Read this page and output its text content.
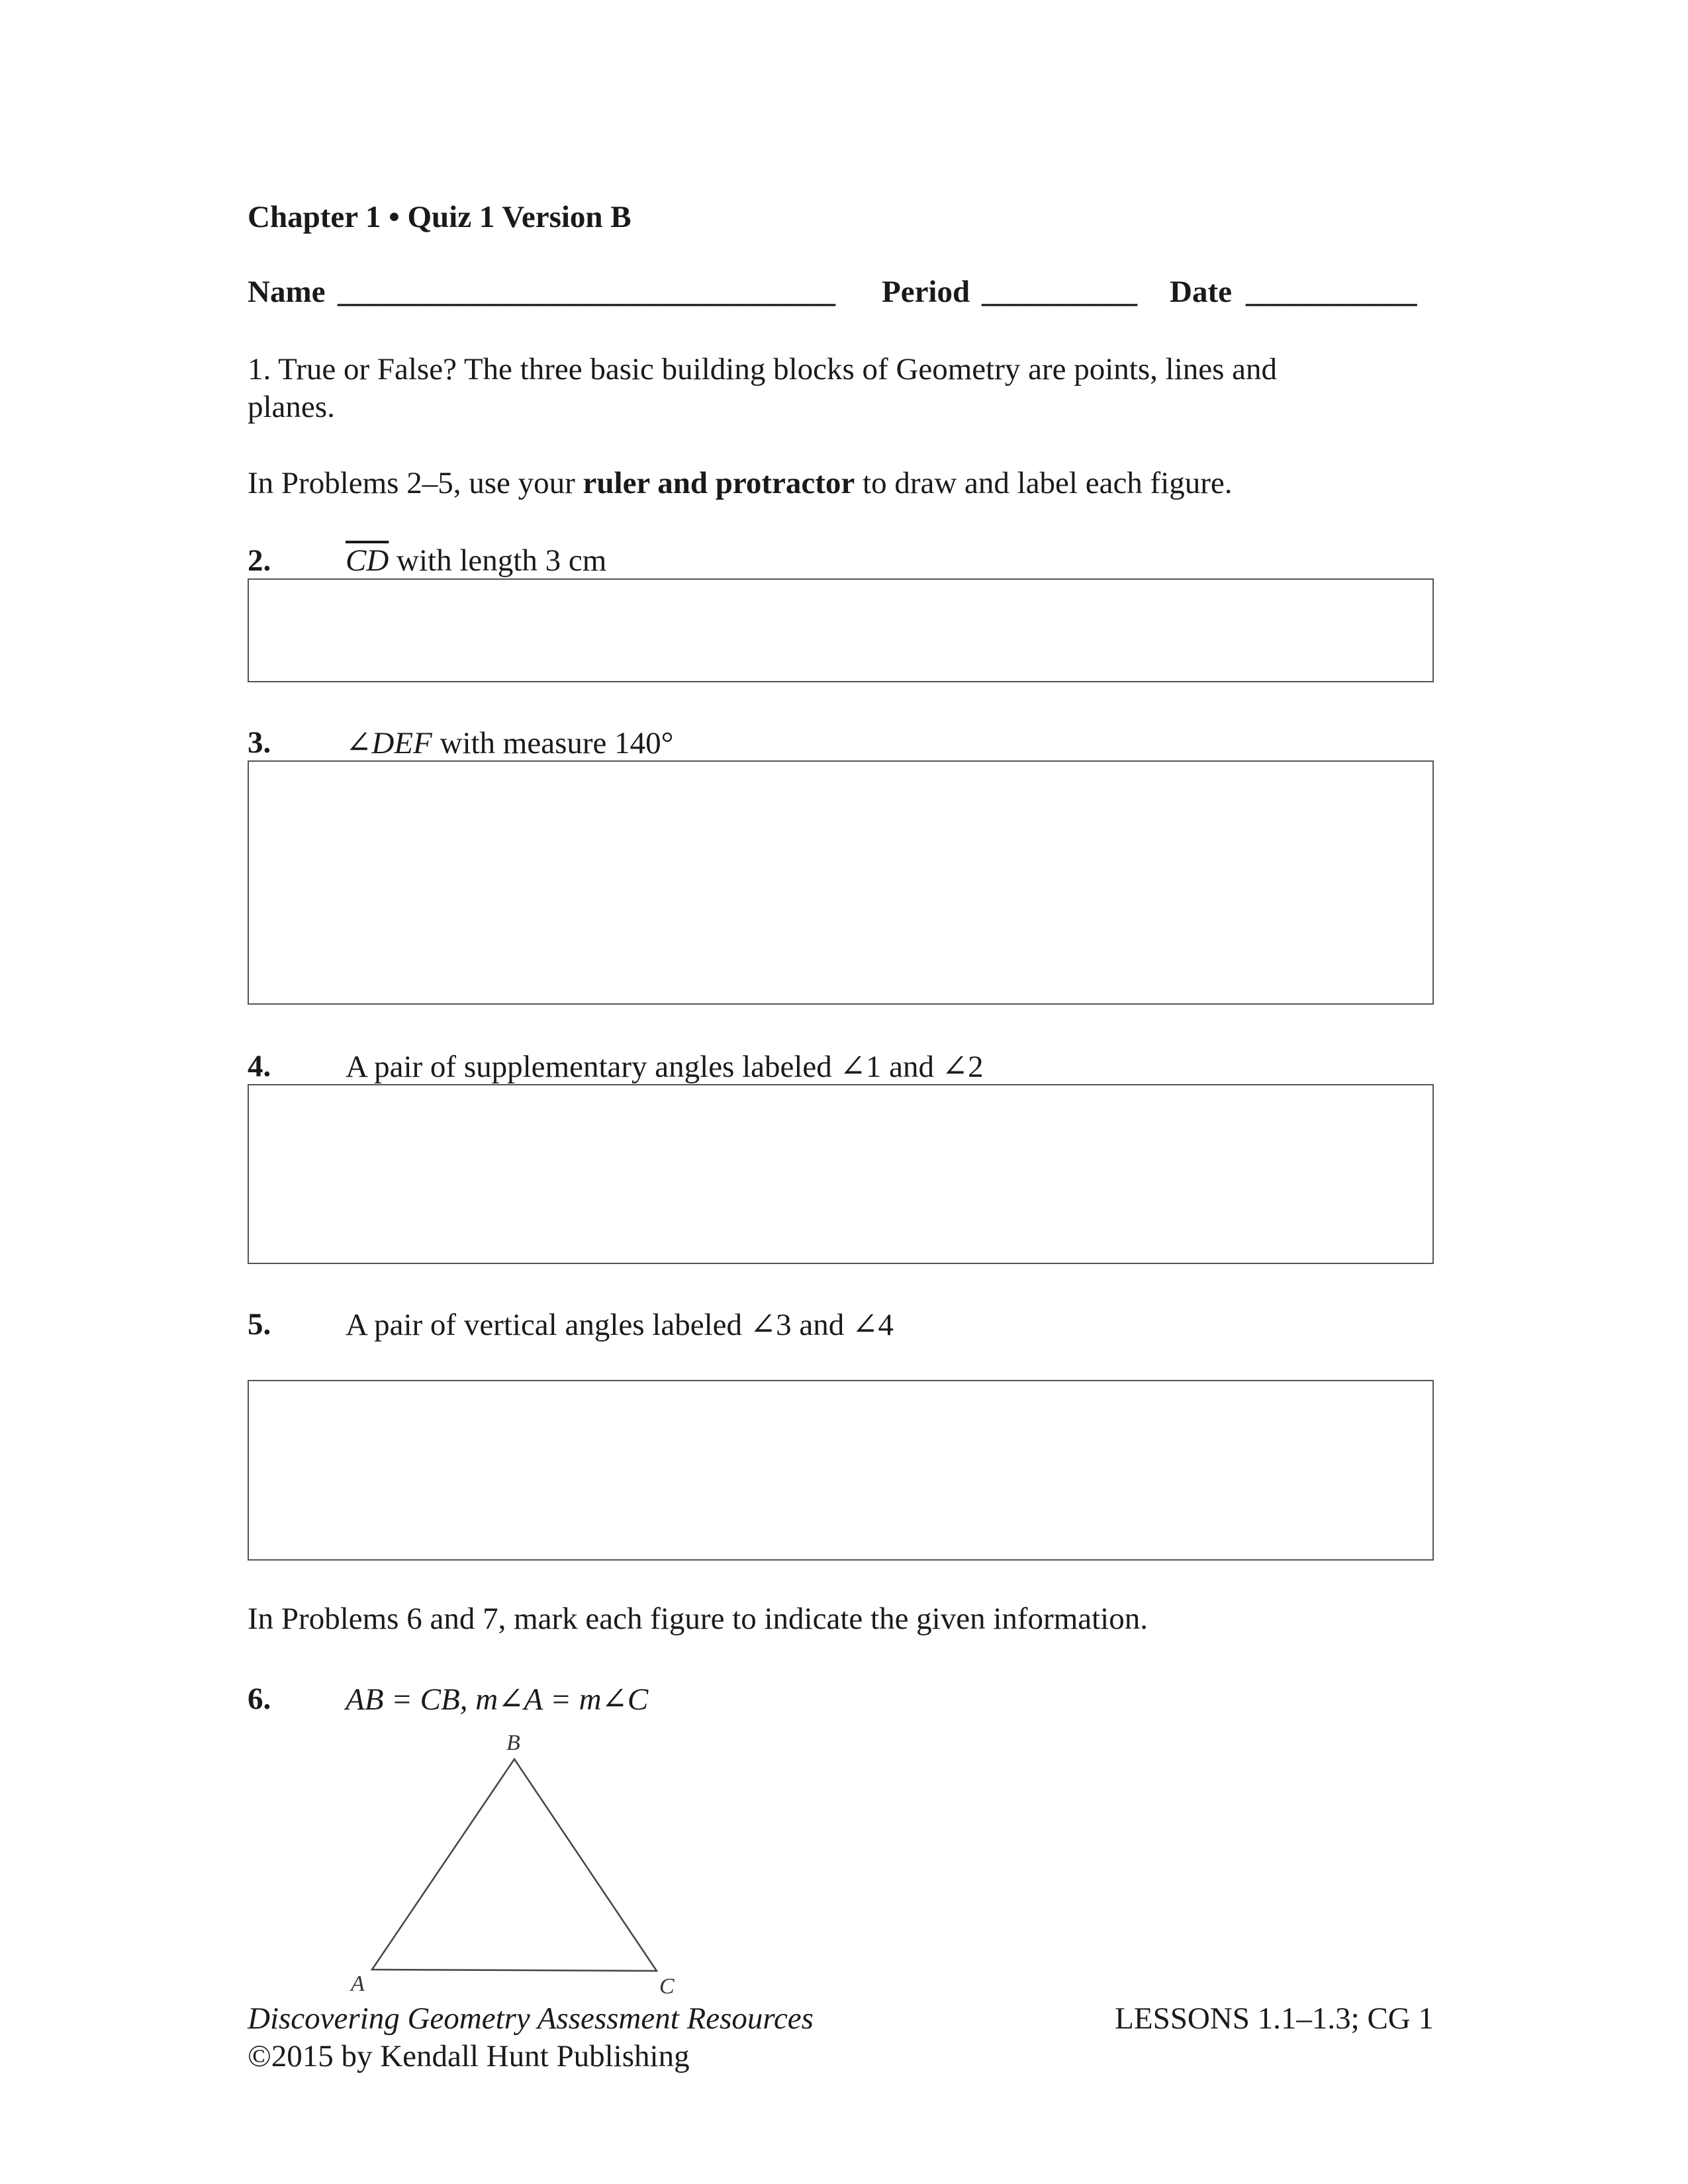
Chapter 1 • Quiz 1 Version B
Name ________________________________ Period __________ Date ___________
1. True or False? The three basic building blocks of Geometry are points, lines and
planes.
In Problems 2–5, use your ruler and protractor to draw and label each figure.
2. $\overline{CD}$ with length 3 cm
3. ∠DEF with measure 140°
4. A pair of supplementary angles labeled ∠1 and ∠2
5. A pair of vertical angles labeled ∠3 and ∠4
In Problems 6 and 7, mark each figure to indicate the given information.
6. AB = CB, m∠A = m∠C
B
A	C
Discovering Geometry Assessment Resources
©2015 by Kendall Hunt Publishing
LESSONS 1.1–1.3; CG 1
